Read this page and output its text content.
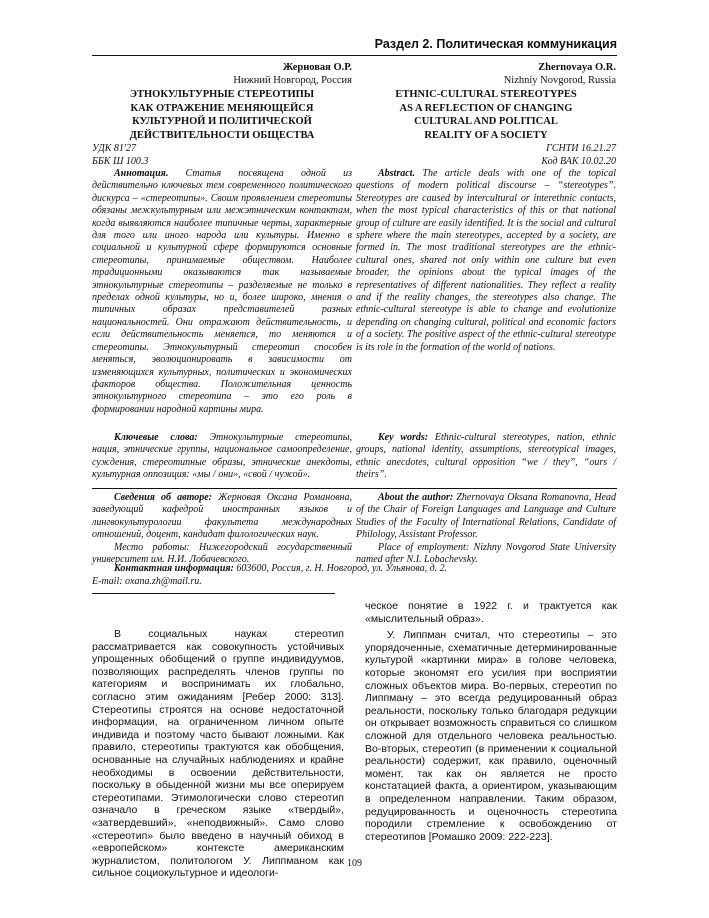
Раздел 2. Политическая коммуникация
Жерновая О.Р.
Нижний Новгород, Россия
ЭТНОКУЛЬТУРНЫЕ СТЕРЕОТИПЫ
КАК ОТРАЖЕНИЕ МЕНЯЮЩЕЙСЯ
КУЛЬТУРНОЙ И ПОЛИТИЧЕСКОЙ
ДЕЙСТВИТЕЛЬНОСТИ ОБЩЕСТВА
Zhernovaya O.R.
Nizhniy Novgorod, Russia
ETHNIC-CULTURAL STEREOTYPES
AS A REFLECTION OF CHANGING
CULTURAL AND POLITICAL
REALITY OF A SOCIETY
УДК 81'27
ББК Ш 100.3
ГСНТИ 16.21.27
Код ВАК 10.02.20
Аннотация. Статья посвящена одной из действительно ключевых тем современного политического дискурса – «стереотипы». Своим проявлением стереотипы обязаны межкультурным или межэтническим контактам, когда выявляются наиболее типичные черты, характерные для того или иного народа или культуры. Именно в социальной и культурной сфере формируются основные стереотипы, принимаемые обществом. Наиболее традиционными оказываются так называемые этнокультурные стереотипы – разделяемые не только в пределах одной культуры, но и, более широко, мнения о типичных образах представителей разных национальностей. Они отражают действительность, и если действительность меняется, то меняются и стереотипы. Этнокультурный стереотип способен меняться, эволюционировать в зависимости от изменяющихся культурных, политических и экономических факторов общества. Положительная ценность этнокультурного стереотипа – это его роль в формировании народной картины мира.
Abstract. The article deals with one of the topical questions of modern political discourse – “stereotypes”. Stereotypes are caused by intercultural or interethnic contacts, when the most typical characteristics of this or that national group of culture are easily identified. It is the social and cultural sphere where the main stereotypes, accepted by a society, are formed in. The most traditional stereotypes are the ethnic-cultural ones, shared not only within one culture but even broader, the opinions about the typical images of the representatives of different nationalities. They reflect a reality and if the reality changes, the stereotypes also change. The ethnic-cultural stereotype is able to change and evolutionize depending on changing cultural, political and economic factors of a society. The positive aspect of the ethnic-cultural stereotype is its role in the formation of the world of nations.
Ключевые слова: Этнокультурные стереотипы, нация, этнические группы, национальное самоопределение, суждения, стереотипные образы, этнические анекдоты, культурная оппозиция: «мы / они», «свой / чужой».
Key words: Ethnic-cultural stereotypes, nation, ethnic groups, national identity, assumptions, stereotypical images, ethnic anecdotes, cultural opposition “we / they”, “ours / theirs”.
Сведения об авторе: Жерновая Оксана Романовна, заведующий кафедрой иностранных языков и лингвокультурологии факультета международных отношений, доцент, кандидат филологических наук.
Место работы: Нижегородский государственный университет им. Н.И. Лобачевского.
About the author: Zhernovaya Oksana Romanovna, Head of the Chair of Foreign Languages and Language and Culture Studies of the Faculty of International Relations, Candidate of Philology, Assistant Professor.
Place of employment: Nizhny Novgorod State University named after N.I. Lobachevsky.
Контактная информация: 603600, Россия, г. Н. Новгород, ул. Ульянова, д. 2.
E-mail: oxana.zh@mail.ru.
В социальных науках стереотип рассматривается как совокупность устойчивых упрощенных обобщений о группе индивидуумов, позволяющих распределять членов группы по категориям и воспринимать их глобально, согласно этим ожиданиям [Ребер 2000: 313]. Стереотипы строятся на основе недостаточной информации, на ограниченном личном опыте индивида и поэтому часто бывают ложными. Как правило, стереотипы трактуются как обобщения, основанные на случайных наблюдениях и крайне необходимы в освоении действительности, поскольку в обыденной жизни мы все оперируем стереотипами. Этимологически слово стереотип означало в греческом языке «твердый», «затвердевший», «неподвижный». Само слово «стереотип» было введено в научный обиход в «европейском» контексте американским журналистом, политологом У. Липпманом как сильное социокультурное и идеологи-
ческое понятие в 1922 г. и трактуется как «мыслительный образ».
У. Липпман считал, что стереотипы – это упорядоченные, схематичные детерминированные культурой «картинки мира» в голове человека, которые экономят его усилия при восприятии сложных объектов мира. Во-первых, стереотип по Липпману – это всегда редуцированный образ реальности, поскольку только благодаря редукции он открывает возможность справиться со слишком сложной для отдельного человека реальностью. Во-вторых, стереотип (в применении к социальной реальности) содержит, как правило, оценочный момент, так как он является не просто констатацией факта, а ориентиром, указывающим в определенном направлении. Таким образом, редуцированность и оценочность стереотипа породили стремление к освобождению от стереотипов [Ромашко 2009: 222-223].
109
